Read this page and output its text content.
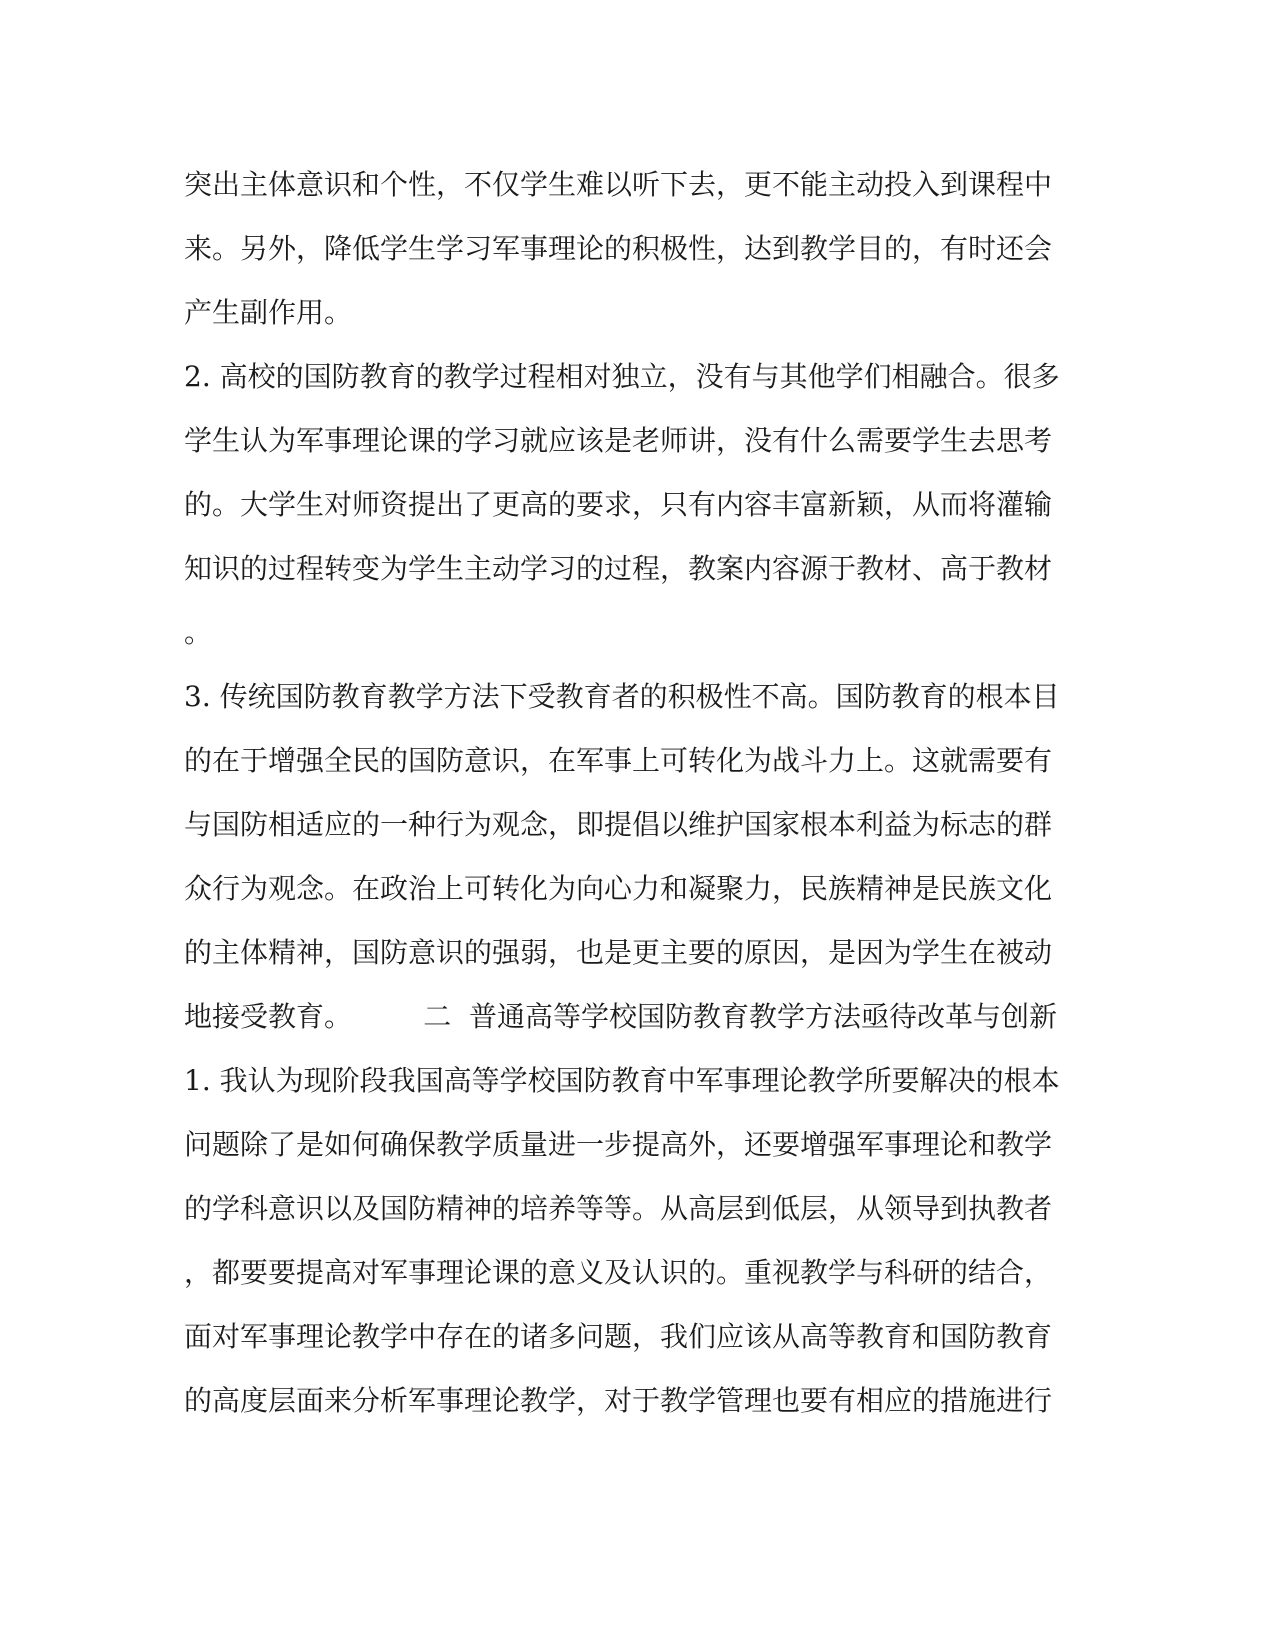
突出主体意识和个性，不仅学生难以听下去，更不能主动投入到课程中
来。另外，降低学生学习军事理论的积极性，达到教学目的，有时还会
产生副作用。
2. 高校的国防教育的教学过程相对独立，没有与其他学们相融合。很多
学生认为军事理论课的学习就应该是老师讲，没有什么需要学生去思考
的。大学生对师资提出了更高的要求，只有内容丰富新颖，从而将灌输
知识的过程转变为学生主动学习的过程，教案内容源于教材、高于教材
。
3. 传统国防教育教学方法下受教育者的积极性不高。国防教育的根本目
的在于增强全民的国防意识，在军事上可转化为战斗力上。这就需要有
与国防相适应的一种行为观念，即提倡以维护国家根本利益为标志的群
众行为观念。在政治上可转化为向心力和凝聚力，民族精神是民族文化
的主体精神，国防意识的强弱，也是更主要的原因，是因为学生在被动
地接受教育。        二  普通高等学校国防教育教学方法亟待改革与创新
1. 我认为现阶段我国高等学校国防教育中军事理论教学所要解决的根本
问题除了是如何确保教学质量进一步提高外，还要增强军事理论和教学
的学科意识以及国防精神的培养等等。从高层到低层，从领导到执教者
，都要要提高对军事理论课的意义及认识的。重视教学与科研的结合，
面对军事理论教学中存在的诸多问题，我们应该从高等教育和国防教育
的高度层面来分析军事理论教学，对于教学管理也要有相应的措施进行
